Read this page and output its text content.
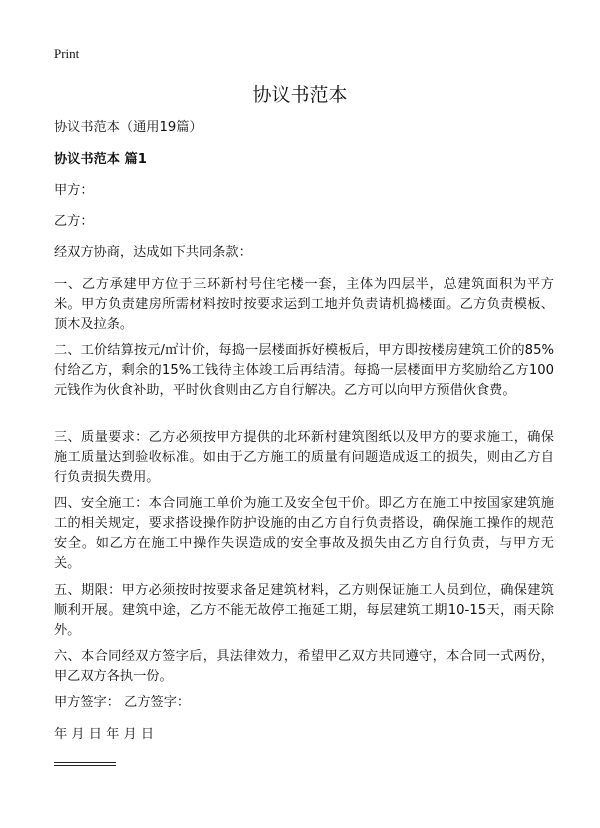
Print
协议书范本

协议书范本（通用19篇）

协议书范本 篇1

甲方：

乙方：

经双方协商，达成如下共同条款：

一、乙方承建甲方位于三环新村号住宅楼一套，主体为四层半，总建筑面积为平方米。甲方负责建房所需材料按时按要求运到工地并负责请机捣楼面。乙方负责模板、顶木及拉条。

二、工价结算按元/㎡计价，每捣一层楼面拆好模板后，甲方即按楼房建筑工价的85%付给乙方，剩余的15%工钱待主体竣工后再结清。每捣一层楼面甲方奖励给乙方100元钱作为伙食补助，平时伙食则由乙方自行解决。乙方可以向甲方预借伙食费。

三、质量要求：乙方必须按甲方提供的北环新村建筑图纸以及甲方的要求施工，确保施工质量达到验收标准。如由于乙方施工的质量有问题造成返工的损失，则由乙方自行负责损失费用。

四、安全施工：本合同施工单价为施工及安全包干价。即乙方在施工中按国家建筑施工的相关规定，要求搭设操作防护设施的由乙方自行负责搭设，确保施工操作的规范安全。如乙方在施工中操作失误造成的安全事故及损失由乙方自行负责，与甲方无关。

五、期限：甲方必须按时按要求备足建筑材料，乙方则保证施工人员到位，确保建筑顺利开展。建筑中途，乙方不能无故停工拖延工期，每层建筑工期10-15天，雨天除外。

六、本合同经双方签字后，具法律效力，希望甲乙双方共同遵守，本合同一式两份，甲乙双方各执一份。

甲方签字： 乙方签字：

年 月 日 年 月 日
